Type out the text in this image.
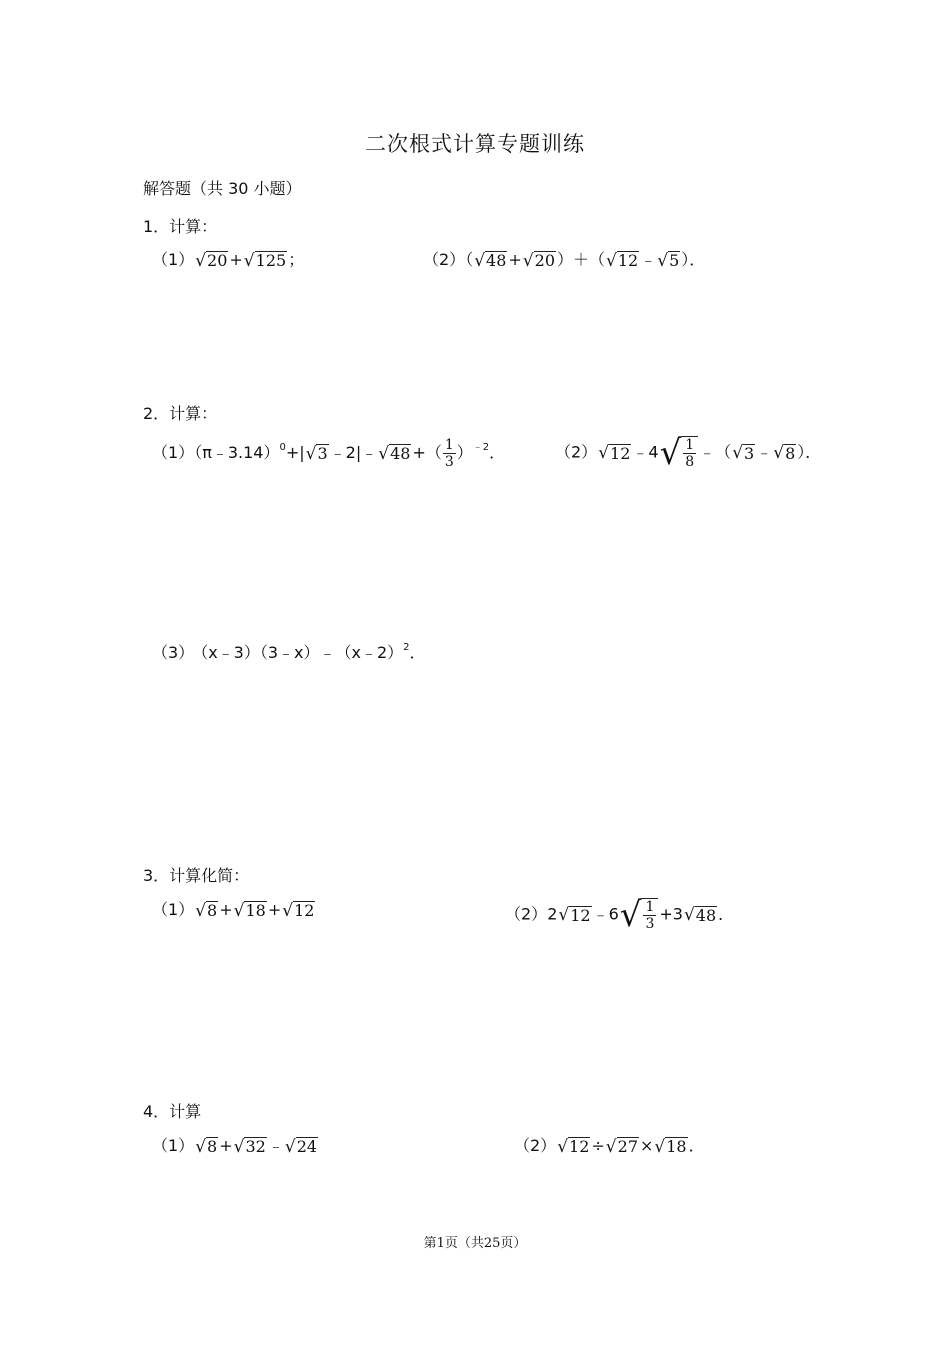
二次根式计算专题训练
解答题（共 30 小题）
1．计算：
（1）√20 +√125 ；	（2）（√48 +√20 ）＋（√12 ﹣√5 ）．
2．计算：
（1）（π﹣3.14）$^0$+|√3 ﹣2|﹣√48 +（ $\frac{1}{3} )^{﹣2}$．	（2）√12 ﹣4√ $\frac{1}{8}$ ﹣（√3 ﹣√8 ）．
（3） （x﹣3）（3﹣x）﹣（x﹣2）$^2$．
3．计算化简：
（1）√8 +√18 +√12	（2）2√12 ﹣6√ $\frac{1}{3} +3√48$ ．
4．计算
（1）√8 +√32 ﹣√24	（2）√12 ÷√27 ×√18 ．
第1页（共25页）
